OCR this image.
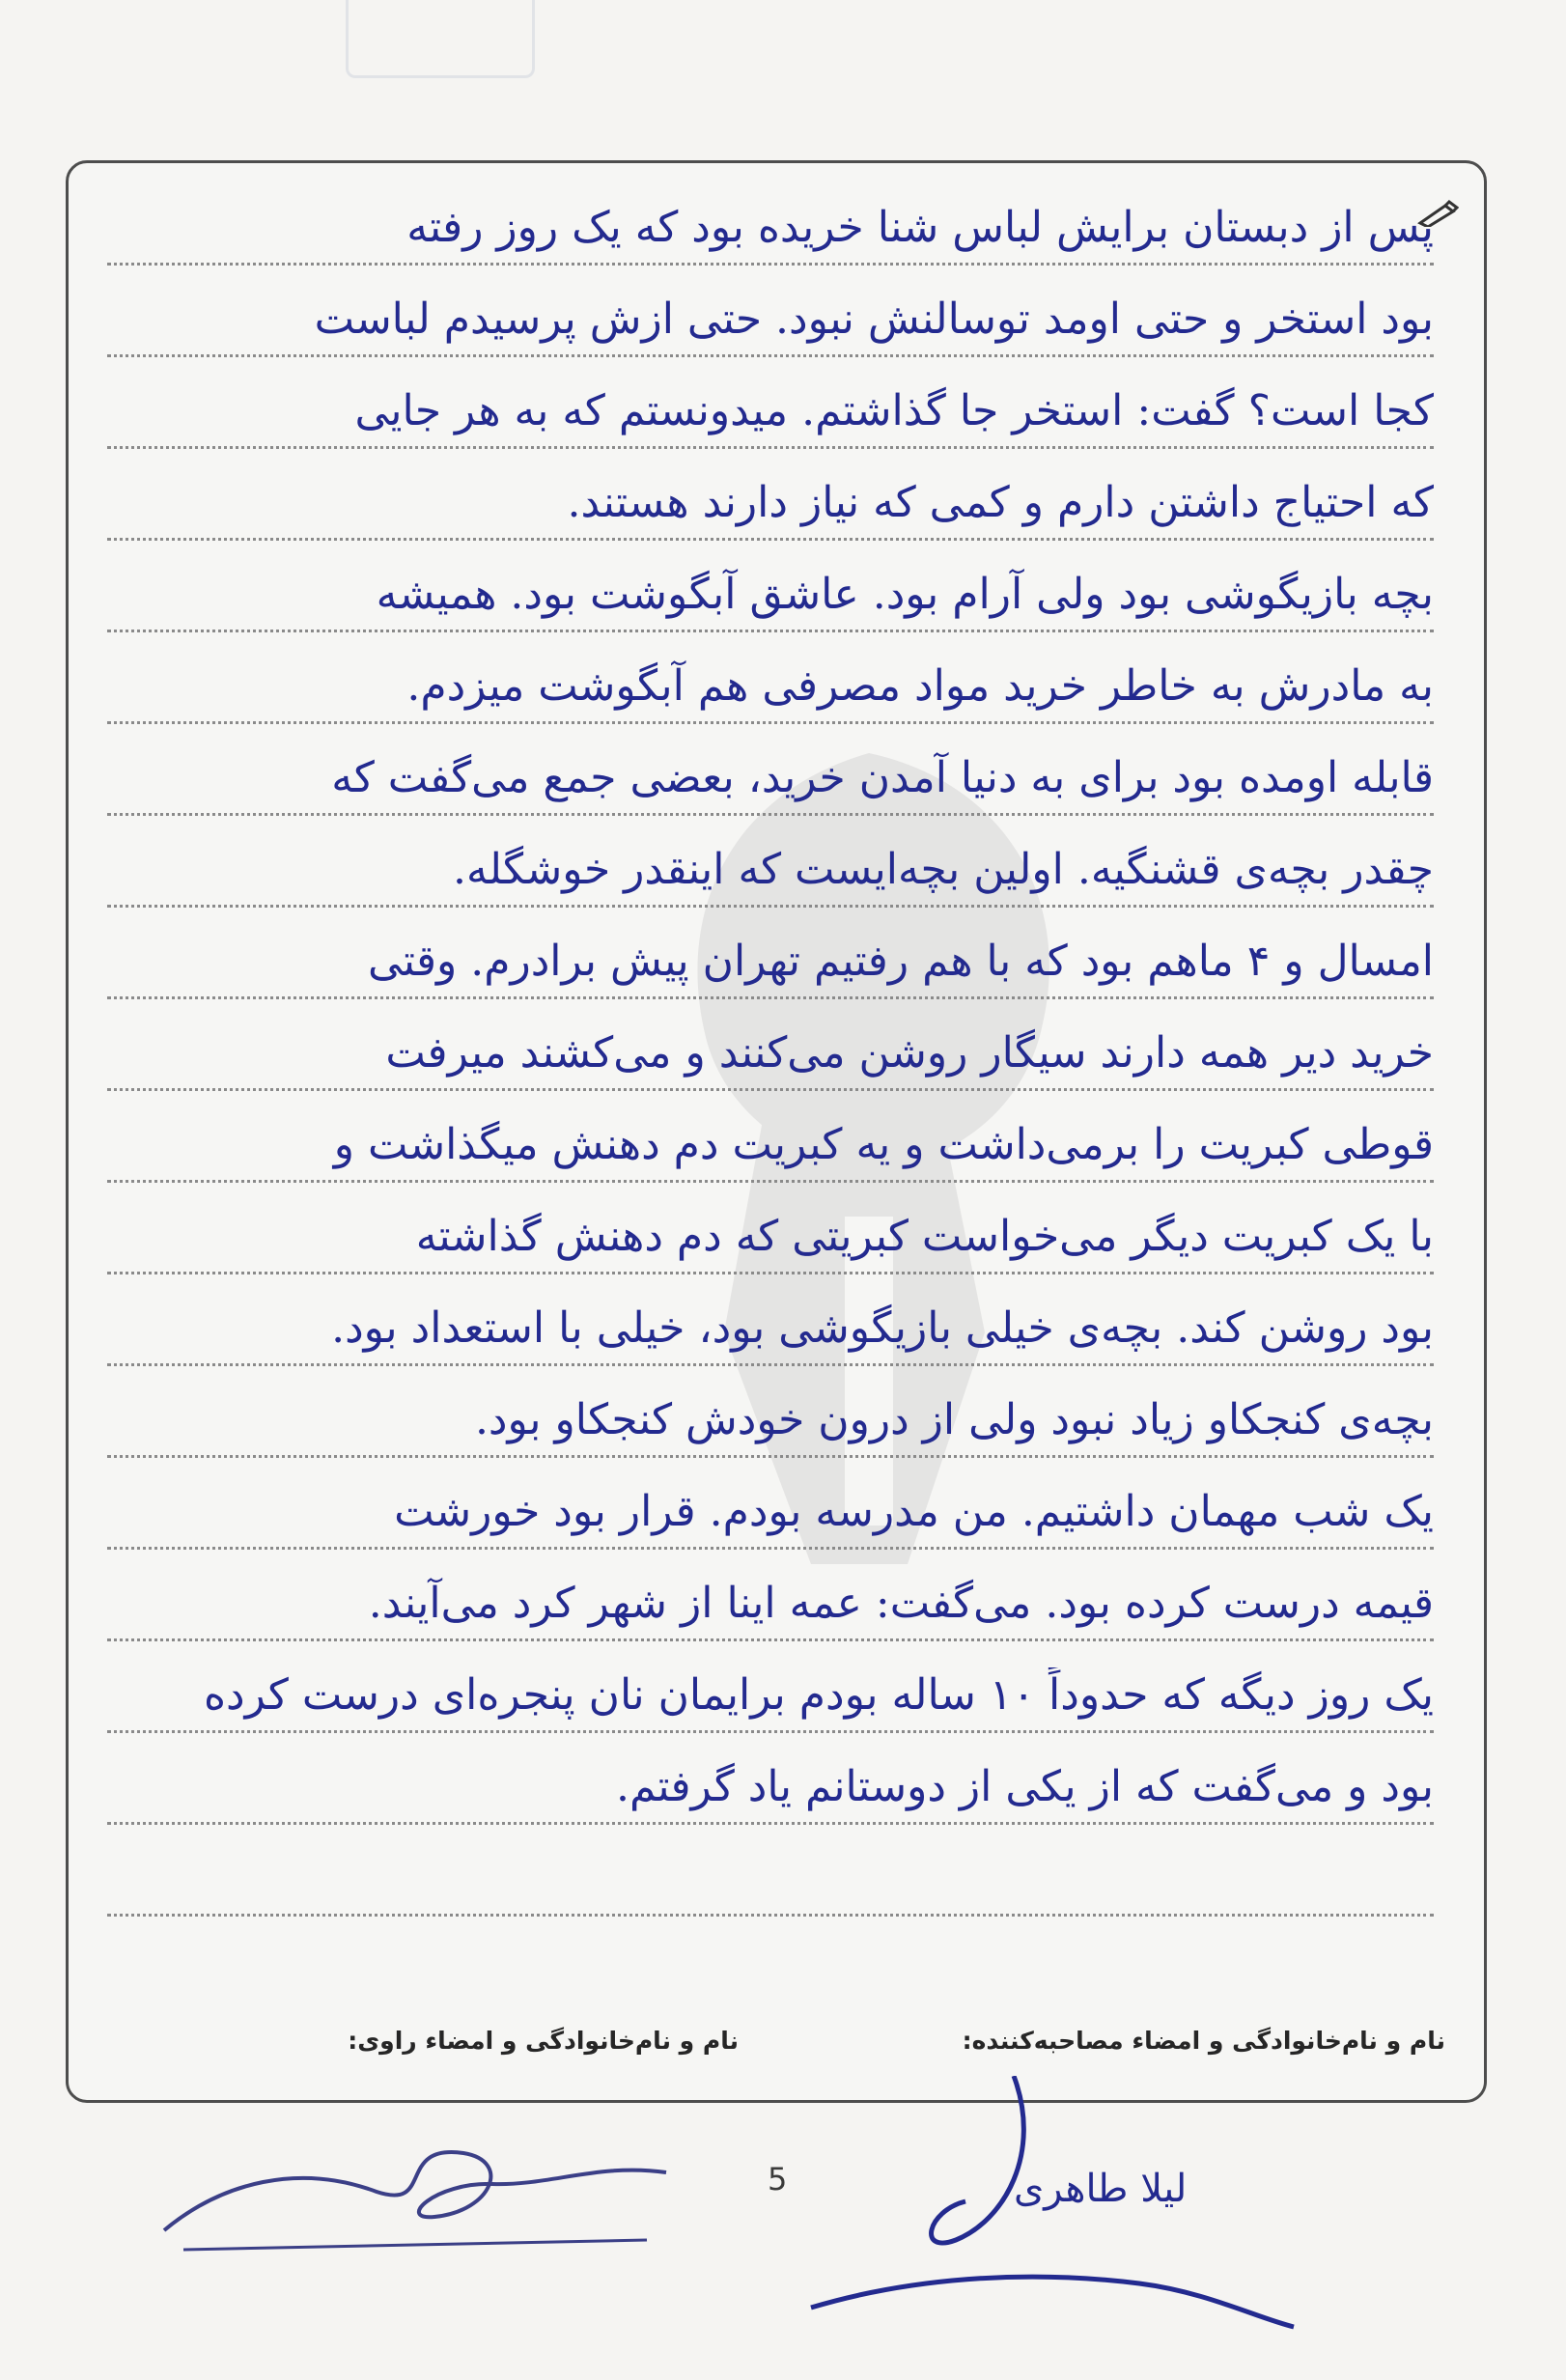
پس از دبستان برایش لباس شنا خریده بود که یک روز رفته
بود استخر و حتی اومد توسالنش نبود. حتی ازش پرسیدم لباست
کجا است؟ گفت: استخر جا گذاشتم. میدونستم که به هر جایی
که احتیاج داشتن دارم و کمی که نیاز دارند هستند.
بچه بازیگوشی بود ولی آرام بود. عاشق آبگوشت بود. همیشه
به مادرش به خاطر خرید مواد مصرفی هم آبگوشت میزدم.
قابله اومده بود برای به دنیا آمدن خرید، بعضی جمع می‌گفت که
چقدر بچه‌ی قشنگیه. اولین بچه‌ایست که اینقدر خوشگله.
امسال و ۴ ماهم بود که با هم رفتیم تهران پیش برادرم. وقتی
خرید دیر همه دارند سیگار روشن می‌کنند و می‌کشند میرفت
قوطی کبریت را برمی‌داشت و یه کبریت دم دهنش میگذاشت و
با یک کبریت دیگر می‌خواست کبریتی که دم دهنش گذاشته
بود روشن کند. بچه‌ی خیلی بازیگوشی بود، خیلی با استعداد بود.
بچه‌ی کنجکاو زیاد نبود ولی از درون خودش کنجکاو بود.
یک شب مهمان داشتیم. من مدرسه بودم. قرار بود خورشت
قیمه درست کرده بود. می‌گفت: عمه اینا از شهر کرد می‌آیند.
یک روز دیگه که حدوداً ۱۰ ساله بودم برایمان نان پنجره‌ای درست کرده
بود و می‌گفت که از یکی از دوستانم یاد گرفتم.
نام و نام‌خانوادگی و امضاء مصاحبه‌کننده:
نام و نام‌خانوادگی و امضاء راوی:
5	لیلا طاهری
